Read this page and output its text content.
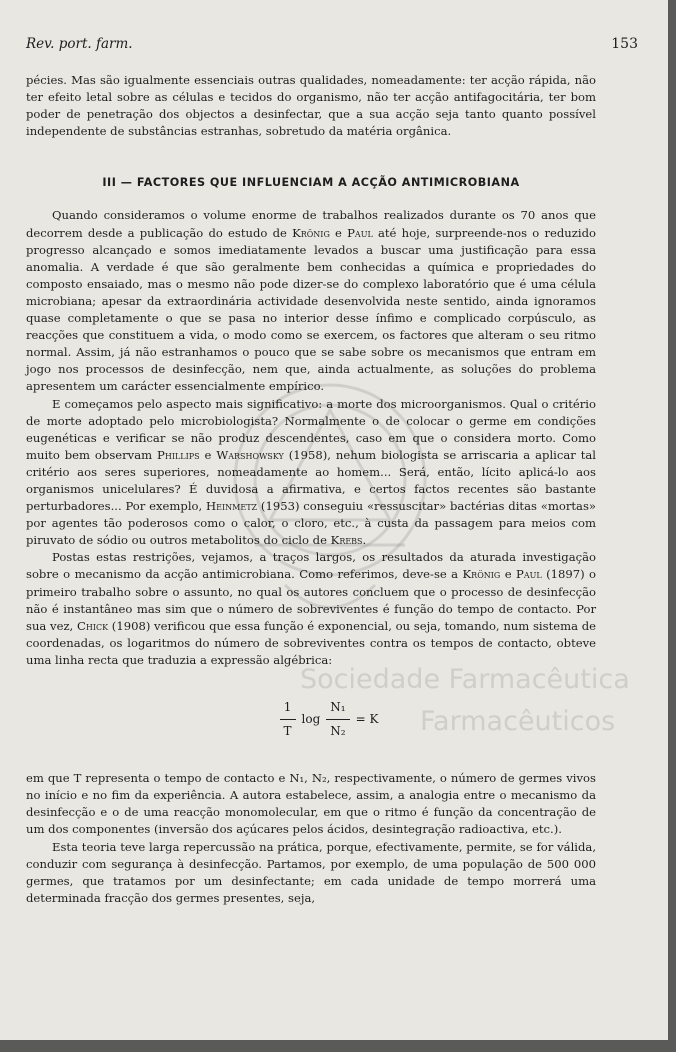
Sociedade Farmacêutica
Farmacêuticos
Rev. port. farm.	153

pécies. Mas são igualmente essenciais outras qualidades, nomeadamente: ter acção rápida, não ter efeito letal sobre as células e tecidos do organismo, não ter acção antifagocitária, ter bom poder de penetração dos objectos a desinfectar, que a sua acção seja tanto quanto possível independente de substâncias estranhas, sobretudo da matéria orgânica.

III — FACTORES QUE INFLUENCIAM A ACÇÃO ANTIMICROBIANA

Quando consideramos o volume enorme de trabalhos realizados durante os 70 anos que decorrem desde a publicação do estudo de Krönig e Paul até hoje, surpreende-nos o reduzido progresso alcançado e somos imediatamente levados a buscar uma justificação para essa anomalia. A verdade é que são geralmente bem conhecidas a química e propriedades do composto ensaiado, mas o mesmo não pode dizer-se do complexo laboratório que é uma célula microbiana; apesar da extraordinária actividade desenvolvida neste sentido, ainda ignoramos quase completamente o que se pasa no interior desse ínfimo e complicado corpúsculo, as reacções que constituem a vida, o modo como se exercem, os factores que alteram o seu ritmo normal. Assim, já não estranhamos o pouco que se sabe sobre os mecanismos que entram em jogo nos processos de desinfecção, nem que, ainda actualmente, as soluções do problema apresentem um carácter essencialmente empírico.

E começamos pelo aspecto mais significativo: a morte dos microorganismos. Qual o critério de morte adoptado pelo microbiologista? Normalmente o de colocar o germe em condições eugenéticas e verificar se não produz descendentes, caso em que o considera morto. Como muito bem observam Phillips e Warshowsky (1958), nehum biologista se arriscaria a aplicar tal critério aos seres superiores, nomeadamente ao homem... Será, então, lícito aplicá-lo aos organismos unicelulares? É duvidosa a afirmativa, e certos factos recentes são bastante perturbadores... Por exemplo, Heinmetz (1953) conseguiu «ressuscitar» bactérias ditas «mortas» por agentes tão poderosos como o calor, o cloro, etc., à custa da passagem para meios com piruvato de sódio ou outros metabolitos do ciclo de Krebs.

Postas estas restrições, vejamos, a traços largos, os resultados da aturada investigação sobre o mecanismo da acção antimicrobiana. Como referimos, deve-se a Krönig e Paul (1897) o primeiro trabalho sobre o assunto, no qual os autores concluem que o processo de desinfecção não é instantâneo mas sim que o número de sobreviventes é função do tempo de contacto. Por sua vez, Chick (1908) verificou que essa função é exponencial, ou seja, tomando, num sistema de coordenadas, os logaritmos do número de sobreviventes contra os tempos de contacto, obteve uma linha recta que traduzia a expressão algébrica:

$\frac{1}{T}$ $\log \frac{\text{N₁}}{\text{N₂}} = K$

em que T representa o tempo de contacto e N₁, N₂, respectivamente, o número de germes vivos no início e no fim da experiência. A autora estabelece, assim, a analogia entre o mecanismo da desinfecção e o de uma reacção monomolecular, em que o ritmo é função da concentração de um dos componentes (inversão dos açúcares pelos ácidos, desintegração radioactiva, etc.).

Esta teoria teve larga repercussão na prática, porque, efectivamente, permite, se for válida, conduzir com segurança à desinfecção. Partamos, por exemplo, de uma população de 500 000 germes, que tratamos por um desinfectante; em cada unidade de tempo morrerá uma determinada fracção dos germes presentes, seja,
